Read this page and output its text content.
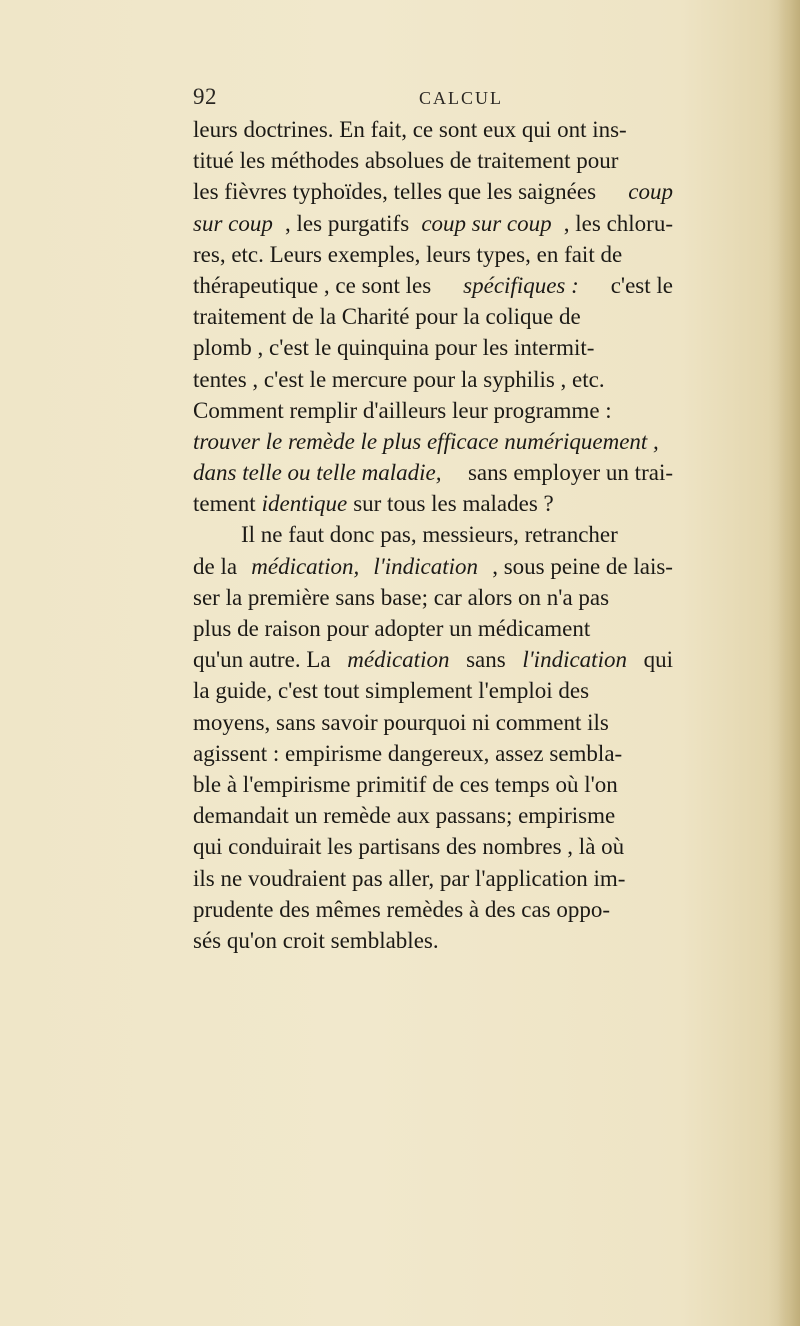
92	CALCUL
leurs doctrines. En fait, ce sont eux qui ont ins-
titué les méthodes absolues de traitement pour
les fièvres typhoïdes, telles que les saignées coup
sur coup , les purgatifs coup sur coup , les chloru-
res, etc. Leurs exemples, leurs types, en fait de
thérapeutique , ce sont les spécifiques : c'est le
traitement de la Charité pour la colique de
plomb , c'est le quinquina pour les intermit-
tentes , c'est le mercure pour la syphilis , etc.
Comment remplir d'ailleurs leur programme :
trouver le remède le plus efficace numériquement ,
dans telle ou telle maladie, sans employer un trai-
tement identique sur tous les malades ?
Il ne faut donc pas, messieurs, retrancher
de la médication, l'indication , sous peine de lais-
ser la première sans base; car alors on n'a pas
plus de raison pour adopter un médicament
qu'un autre. La médication sans l'indication qui
la guide, c'est tout simplement l'emploi des
moyens, sans savoir pourquoi ni comment ils
agissent : empirisme dangereux, assez sembla-
ble à l'empirisme primitif de ces temps où l'on
demandait un remède aux passans; empirisme
qui conduirait les partisans des nombres , là où
ils ne voudraient pas aller, par l'application im-
prudente des mêmes remèdes à des cas oppo-
sés qu'on croit semblables.
